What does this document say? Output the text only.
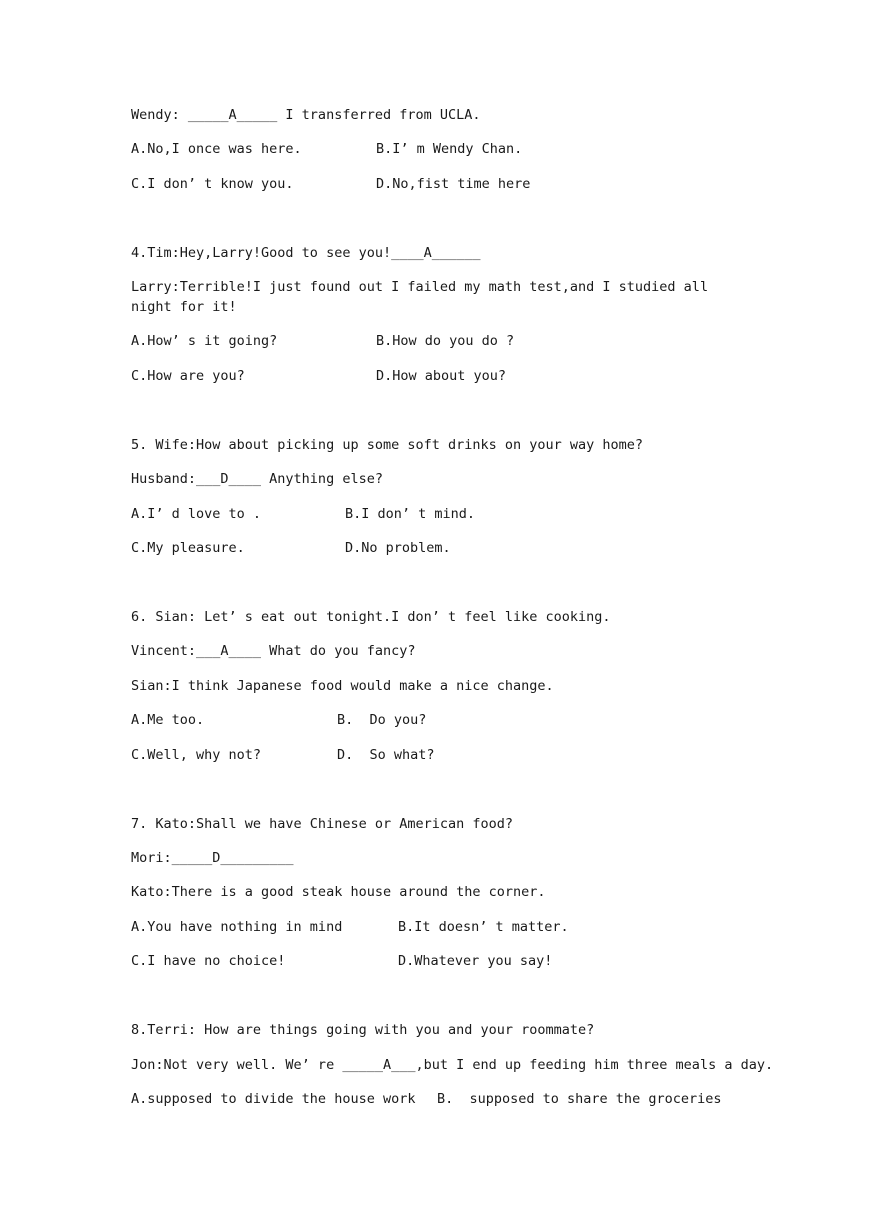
Wendy: _____A_____ I transferred from UCLA.
A.No,I once was here.	B.I’ m Wendy Chan.
C.I don’ t know you.	D.No,fist time here
4.Tim:Hey,Larry!Good to see you!____A______
Larry:Terrible!I just found out I failed my math test,and I studied all night for it!
A.How’ s it going?	B.How do you do ?
C.How are you?	D.How about you?
5. Wife:How about picking up some soft drinks on your way home?
Husband:___D____ Anything else?
A.I’ d love to .	B.I don’ t mind.
C.My pleasure.	D.No problem.
6. Sian: Let’ s eat out tonight.I don’ t feel like cooking.
Vincent:___A____ What do you fancy?
Sian:I think Japanese food would make a nice change.
A.Me too.	B.  Do you?
C.Well, why not?	D.  So what?
7. Kato:Shall we have Chinese or American food?
Mori:_____D_________
Kato:There is a good steak house around the corner.
A.You have nothing in mind	B.It doesn’ t matter.
C.I have no choice!	D.Whatever you say!
8.Terri: How are things going with you and your roommate?
Jon:Not very well. We’ re _____A___,but I end up feeding him three meals a day.
A.supposed to divide the house work B.  supposed to share the groceries
